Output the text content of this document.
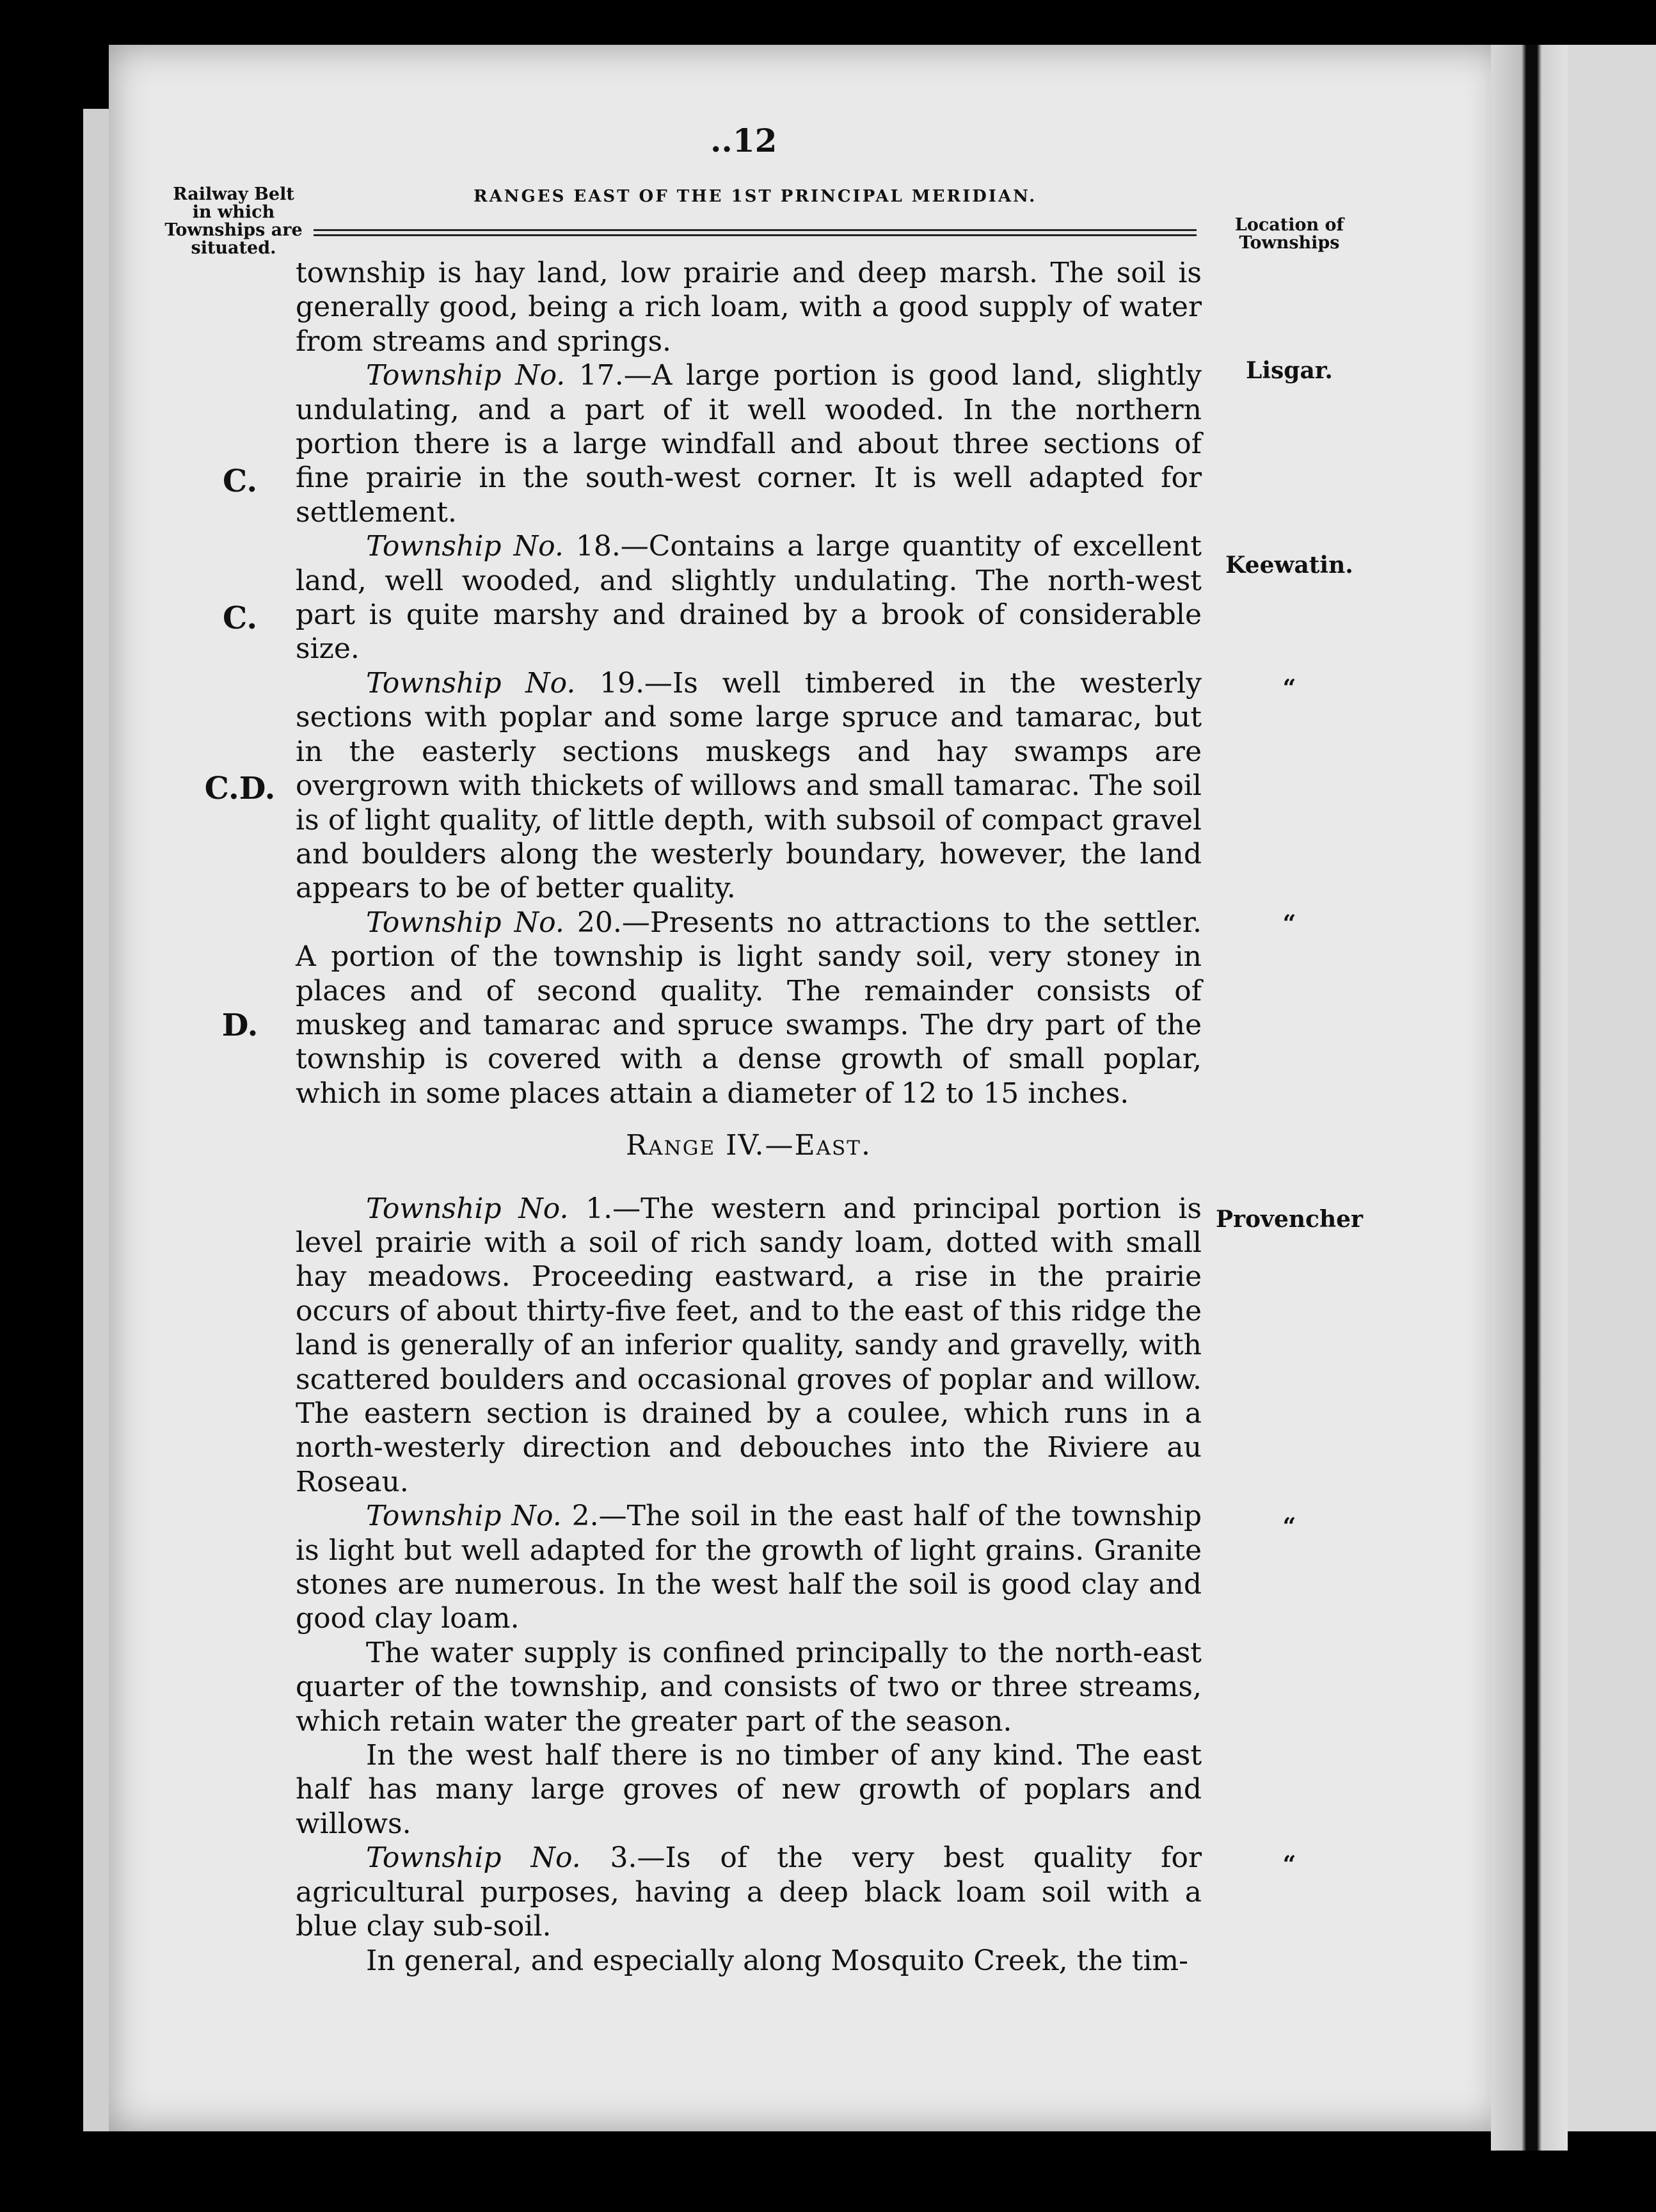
..12
Railway Belt
in which
Townships are
situated.
RANGES EAST OF THE 1ST PRINCIPAL MERIDIAN.
Location of
Townships

township is hay land, low prairie and deep marsh. The soil is generally good, being a rich loam, with a good supply of water from streams and springs.

Township No. 17.—A large portion is good land, slightly undulating, and a part of it well wooded. In the northern portion there is a large windfall and about three sections of fine prairie in the south-west corner. It is well adapted for settlement.

Township No. 18.—Contains a large quantity of excellent land, well wooded, and slightly undulating. The north-west part is quite marshy and drained by a brook of considerable size.

Township No. 19.—Is well timbered in the westerly sections with poplar and some large spruce and tamarac, but in the easterly sections muskegs and hay swamps are overgrown with thickets of willows and small tamarac. The soil is of light quality, of little depth, with subsoil of compact gravel and boulders along the westerly boundary, however, the land appears to be of better quality.

Township No. 20.—Presents no attractions to the settler. A portion of the township is light sandy soil, very stoney in places and of second quality. The remainder consists of muskeg and tamarac and spruce swamps. The dry part of the township is covered with a dense growth of small poplar, which in some places attain a diameter of 12 to 15 inches.

Range IV.—East.

Township No. 1.—The western and principal portion is level prairie with a soil of rich sandy loam, dotted with small hay meadows. Proceeding eastward, a rise in the prairie occurs of about thirty-five feet, and to the east of this ridge the land is generally of an inferior quality, sandy and gravelly, with scattered boulders and occasional groves of poplar and willow. The eastern section is drained by a coulee, which runs in a north-westerly direction and debouches into the Riviere au Roseau.

Township No. 2.—The soil in the east half of the township is light but well adapted for the growth of light grains. Granite stones are numerous. In the west half the soil is good clay and good clay loam.

The water supply is confined principally to the north-east quarter of the township, and consists of two or three streams, which retain water the greater part of the season.

In the west half there is no timber of any kind. The east half has many large groves of new growth of poplars and willows.

Township No. 3.—Is of the very best quality for agricultural purposes, having a deep black loam soil with a blue clay sub-soil.

In general, and especially along Mosquito Creek, the tim-

C.
C.
C.D.
D.
Lisgar.
Keewatin.
“
“
Provencher
“
“
